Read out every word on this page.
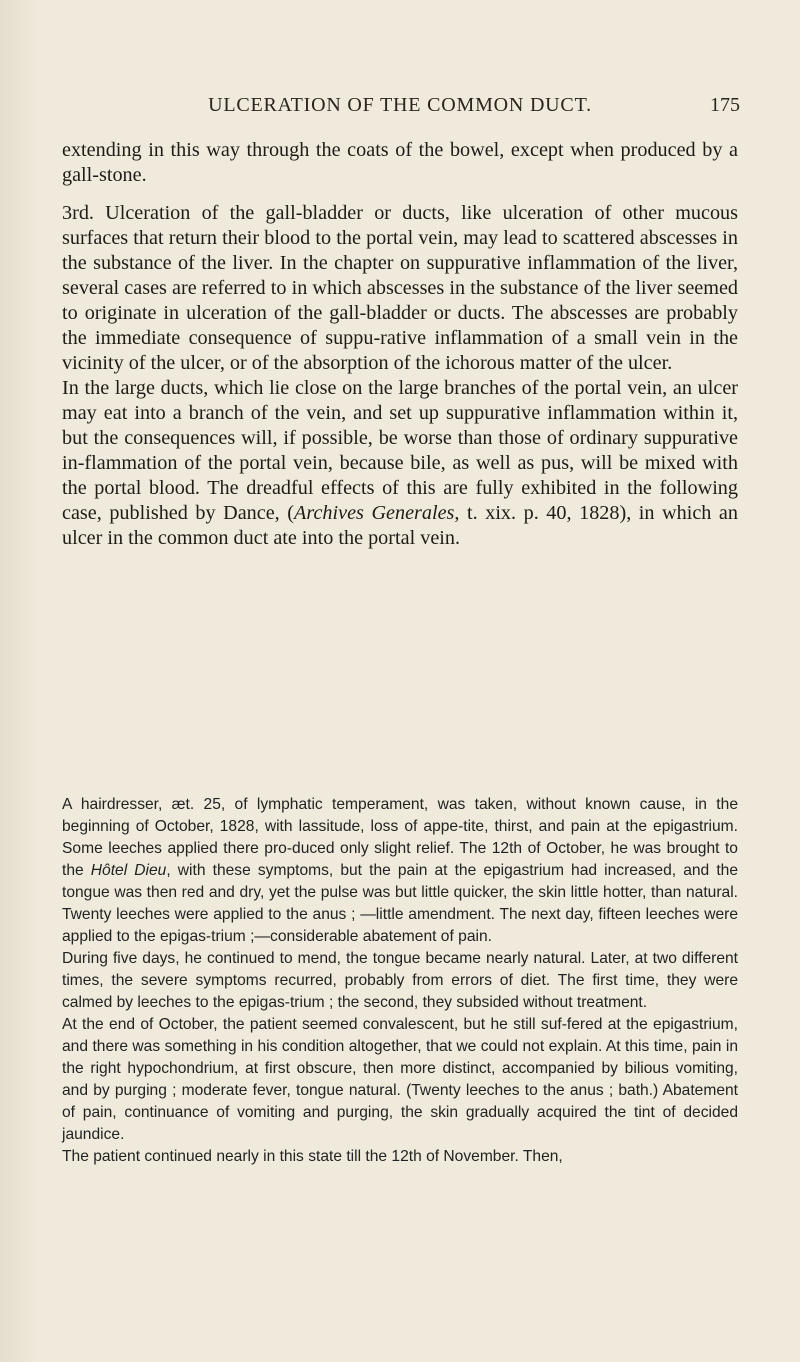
ULCERATION OF THE COMMON DUCT.	175

extending in this way through the coats of the bowel, except when produced by a gall-stone.

3rd. Ulceration of the gall-bladder or ducts, like ulceration of other mucous surfaces that return their blood to the portal vein, may lead to scattered abscesses in the substance of the liver. In the chapter on suppurative inflammation of the liver, several cases are referred to in which abscesses in the substance of the liver seemed to originate in ulceration of the gall-bladder or ducts. The abscesses are probably the immediate consequence of suppu-rative inflammation of a small vein in the vicinity of the ulcer, or of the absorption of the ichorous matter of the ulcer.

In the large ducts, which lie close on the large branches of the portal vein, an ulcer may eat into a branch of the vein, and set up suppurative inflammation within it, but the consequences will, if possible, be worse than those of ordinary suppurative in-flammation of the portal vein, because bile, as well as pus, will be mixed with the portal blood. The dreadful effects of this are fully exhibited in the following case, published by Dance, (Archives Generales, t. xix. p. 40, 1828), in which an ulcer in the common duct ate into the portal vein.

A hairdresser, æt. 25, of lymphatic temperament, was taken, without known cause, in the beginning of October, 1828, with lassitude, loss of appe-tite, thirst, and pain at the epigastrium. Some leeches applied there pro-duced only slight relief. The 12th of October, he was brought to the Hôtel Dieu, with these symptoms, but the pain at the epigastrium had increased, and the tongue was then red and dry, yet the pulse was but little quicker, the skin little hotter, than natural. Twenty leeches were applied to the anus ; —little amendment. The next day, fifteen leeches were applied to the epigas-trium ;—considerable abatement of pain.

During five days, he continued to mend, the tongue became nearly natural. Later, at two different times, the severe symptoms recurred, probably from errors of diet. The first time, they were calmed by leeches to the epigas-trium ; the second, they subsided without treatment.

At the end of October, the patient seemed convalescent, but he still suf-fered at the epigastrium, and there was something in his condition altogether, that we could not explain. At this time, pain in the right hypochondrium, at first obscure, then more distinct, accompanied by bilious vomiting, and by purging ; moderate fever, tongue natural. (Twenty leeches to the anus ; bath.) Abatement of pain, continuance of vomiting and purging, the skin gradually acquired the tint of decided jaundice.

The patient continued nearly in this state till the 12th of November. Then,
